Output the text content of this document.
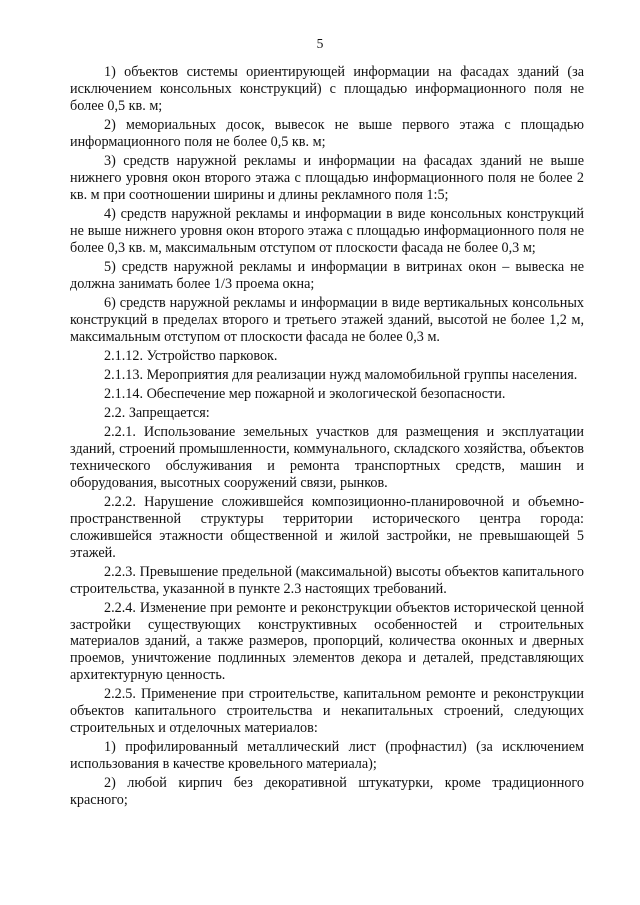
5

1) объектов системы ориентирующей информации на фасадах зданий (за исключением консольных конструкций) с площадью информационного поля не более 0,5 кв. м;

2) мемориальных досок, вывесок не выше первого этажа с площадью информационного поля не более 0,5 кв. м;

3) средств наружной рекламы и информации на фасадах зданий не выше нижнего уровня окон второго этажа с площадью информационного поля не более 2 кв. м при соотношении ширины и длины рекламного поля 1:5;

4) средств наружной рекламы и информации в виде консольных конструкций не выше нижнего уровня окон второго этажа с площадью информационного поля не более 0,3 кв. м, максимальным отступом от плоскости фасада не более 0,3 м;

5) средств наружной рекламы и информации в витринах окон – вывеска не должна занимать более 1/3 проема окна;

6) средств наружной рекламы и информации в виде вертикальных консольных конструкций в пределах второго и третьего этажей зданий, высотой не более 1,2 м, максимальным отступом от плоскости фасада не более 0,3 м.

2.1.12. Устройство парковок.

2.1.13. Мероприятия для реализации нужд маломобильной группы населения.

2.1.14. Обеспечение мер пожарной и экологической безопасности.

2.2. Запрещается:

2.2.1. Использование земельных участков для размещения и эксплуатации зданий, строений промышленности, коммунального, складского хозяйства, объектов технического обслуживания и ремонта транспортных средств, машин и оборудования, высотных сооружений связи, рынков.

2.2.2. Нарушение сложившейся композиционно-планировочной и объемно-пространственной структуры территории исторического центра города: сложившейся этажности общественной и жилой застройки, не превышающей 5 этажей.

2.2.3. Превышение предельной (максимальной) высоты объектов капитального строительства, указанной в пункте 2.3 настоящих требований.

2.2.4. Изменение при ремонте и реконструкции объектов исторической ценной застройки существующих конструктивных особенностей и строительных материалов зданий, а также размеров, пропорций, количества оконных и дверных проемов, уничтожение подлинных элементов декора и деталей, представляющих архитектурную ценность.

2.2.5. Применение при строительстве, капитальном ремонте и реконструкции объектов капитального строительства и некапитальных строений, следующих строительных и отделочных материалов:

1) профилированный металлический лист (профнастил) (за исключением использования в качестве кровельного материала);

2) любой кирпич без декоративной штукатурки, кроме традиционного красного;
